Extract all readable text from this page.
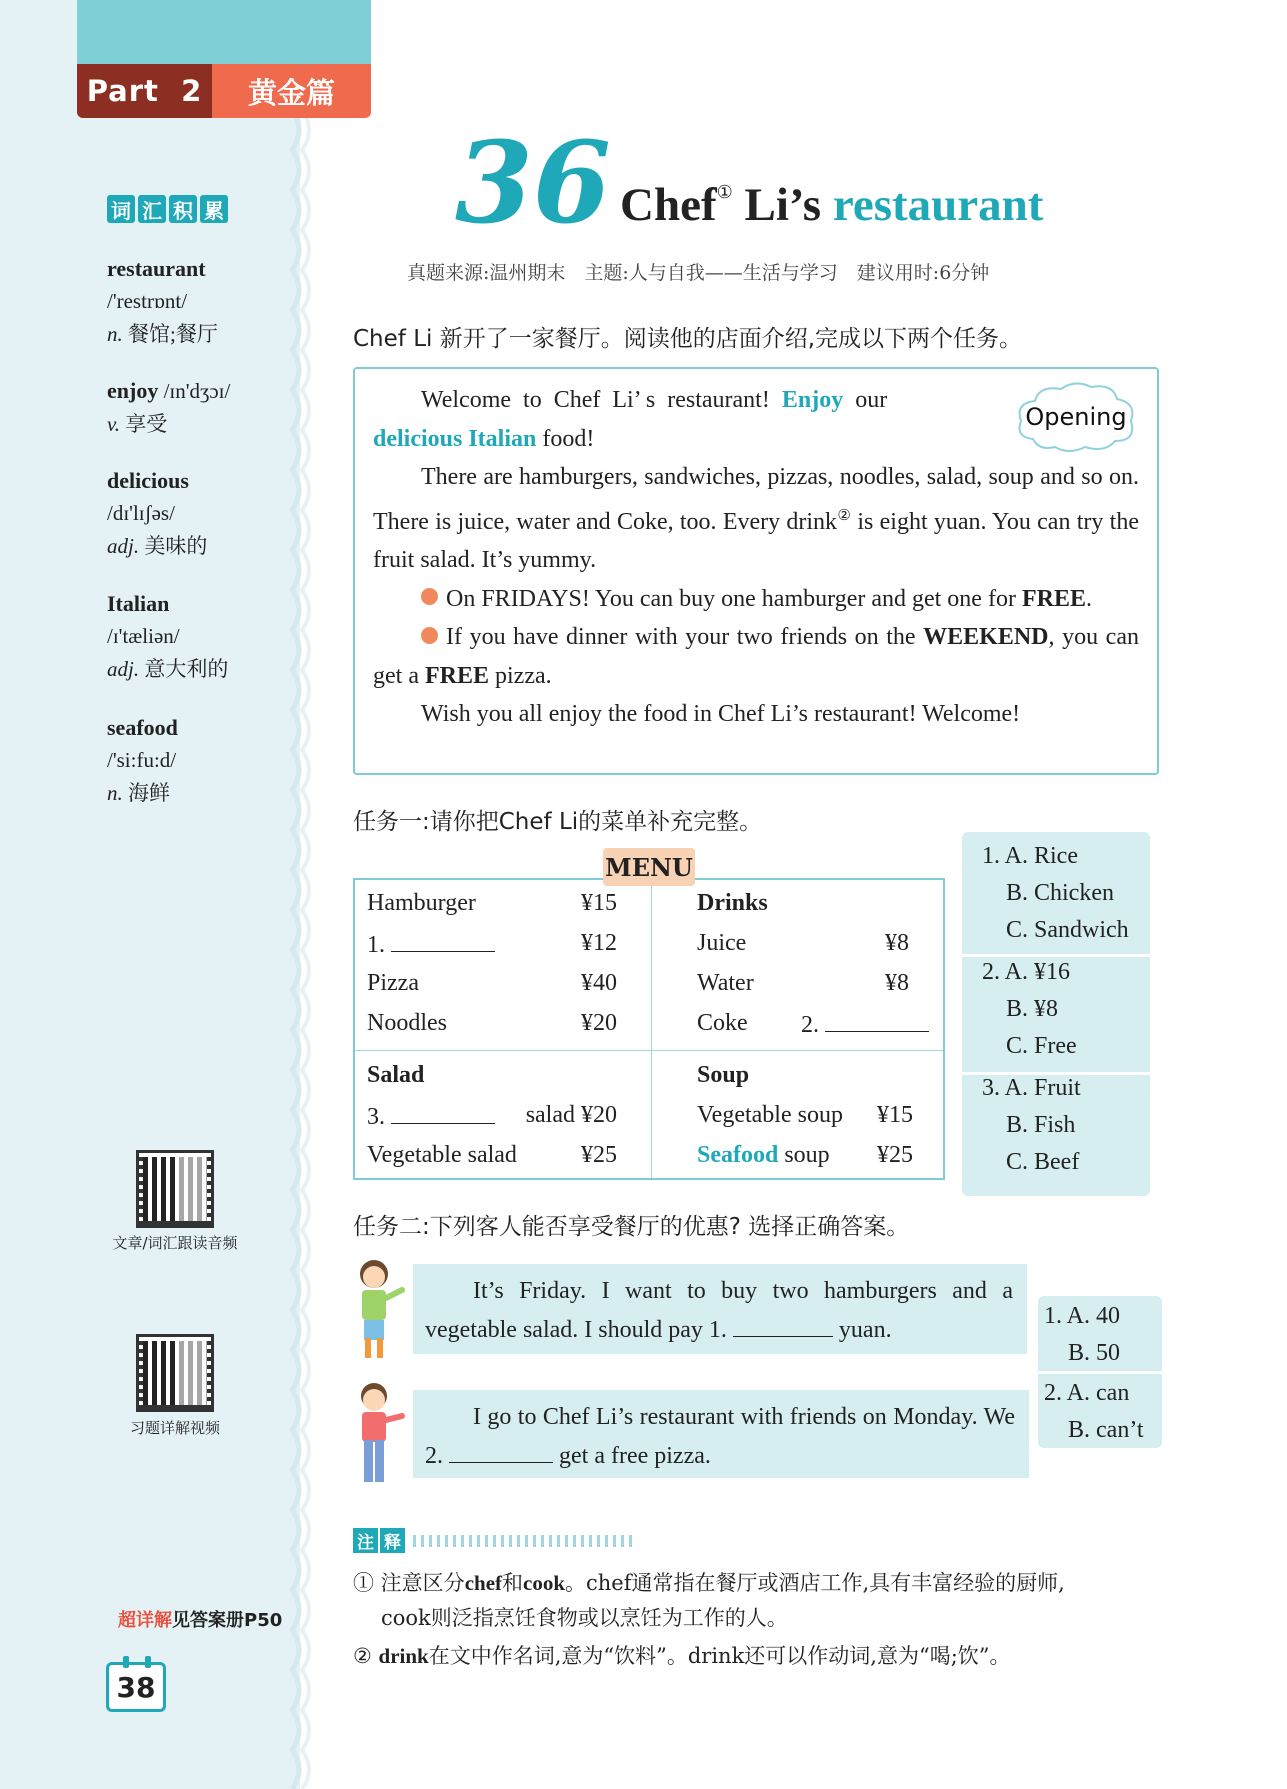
Part  2	黄金篇
词 汇 积 累
restaurant
/'restrɒnt/
n. 餐馆;餐厅
enjoy /ɪn'dʒɔɪ/
v. 享受
delicious
/dɪ'lɪʃəs/
adj. 美味的
Italian
/ɪ'tæliən/
adj. 意大利的
seafood
/'si:fu:d/
n. 海鲜
文章/词汇跟读音频
习题详解视频
超详解见答案册P50
38
36 Chef① Li’s restaurant
真题来源:温州期末　主题:人与自我——生活与学习　建议用时:6分钟
Chef Li 新开了一家餐厅。阅读他的店面介绍,完成以下两个任务。
Opening

Welcome  to  Chef  Li’ s  restaurant!  Enjoy  our

delicious Italian food!

There are hamburgers, sandwiches, pizzas, noodles, salad, soup and so on. There is juice, water and Coke, too. Every drink② is eight yuan. You can try the fruit salad. It’s yummy.

On FRIDAYS! You can buy one hamburger and get one for FREE.

If you have dinner with your two friends on the WEEKEND, you can get a FREE pizza.

Wish you all enjoy the food in Chef Li’s restaurant! Welcome!

任务一:请你把Chef Li的菜单补充完整。
Hamburger	¥15
1.	¥12
Pizza	¥40
Noodles	¥20
Drinks
Juice	¥8
Water	¥8
Coke 2.
Salad
3.	salad ¥20
Vegetable salad	¥25
Soup
Vegetable soup ¥15
Seafood soup ¥25
MENU	1. A. Rice
B. Chicken
C. Sandwich
2. A. ¥16
B. ¥8
C. Free
3. A. Fruit
B. Fish
C. Beef
任务二:下列客人能否享受餐厅的优惠? 选择正确答案。

It’s Friday. I want to buy two hamburgers and a vegetable salad. I should pay 1.	yuan.

I go to Chef Li’s restaurant with friends on Monday. We 2.	get a free pizza.

1. A. 40
B. 50
2. A. can
B. can’t
注 释
① 注意区分chef和cook。chef通常指在餐厅或酒店工作,具有丰富经验的厨师,
cook则泛指烹饪食物或以烹饪为工作的人。
② drink在文中作名词,意为“饮料”。drink还可以作动词,意为“喝;饮”。
